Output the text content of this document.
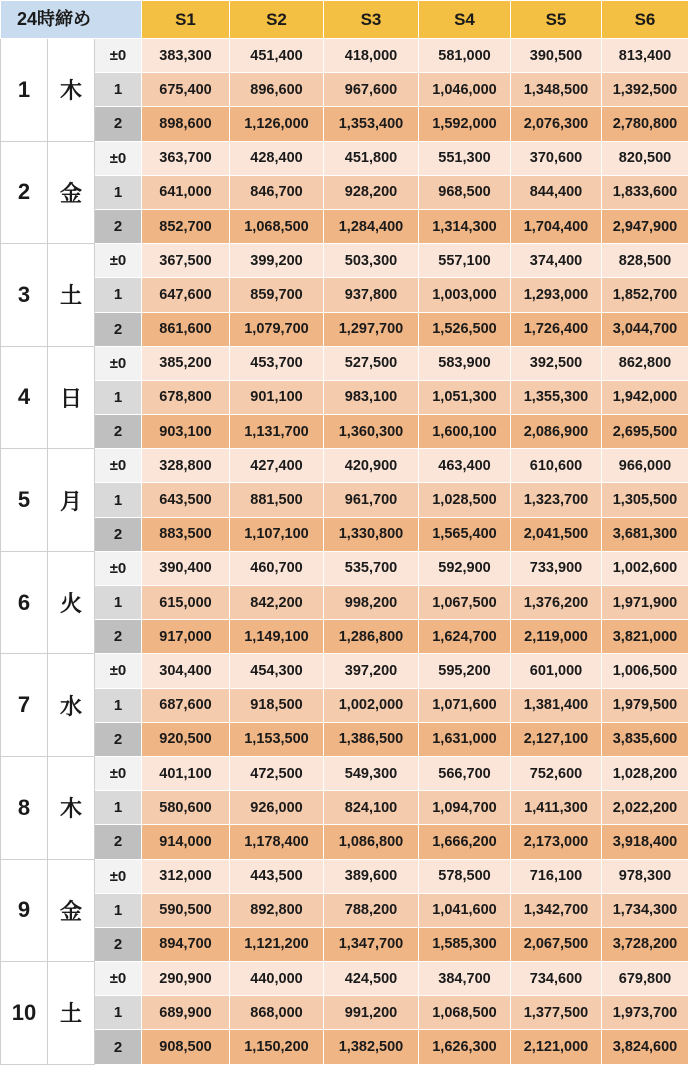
24時締め			S1	S2	S3	S4	S5	S6
1	木	±0	383,300	451,400	418,000	581,000	390,500	813,400
		1	675,400	896,600	967,600	1,046,000	1,348,500	1,392,500
		2	898,600	1,126,000	1,353,400	1,592,000	2,076,300	2,780,800
2	金	±0	363,700	428,400	451,800	551,300	370,600	820,500
		1	641,000	846,700	928,200	968,500	844,400	1,833,600
		2	852,700	1,068,500	1,284,400	1,314,300	1,704,400	2,947,900
3	土	±0	367,500	399,200	503,300	557,100	374,400	828,500
		1	647,600	859,700	937,800	1,003,000	1,293,000	1,852,700
		2	861,600	1,079,700	1,297,700	1,526,500	1,726,400	3,044,700
4	日	±0	385,200	453,700	527,500	583,900	392,500	862,800
		1	678,800	901,100	983,100	1,051,300	1,355,300	1,942,000
		2	903,100	1,131,700	1,360,300	1,600,100	2,086,900	2,695,500
5	月	±0	328,800	427,400	420,900	463,400	610,600	966,000
		1	643,500	881,500	961,700	1,028,500	1,323,700	1,305,500
		2	883,500	1,107,100	1,330,800	1,565,400	2,041,500	3,681,300
6	火	±0	390,400	460,700	535,700	592,900	733,900	1,002,600
		1	615,000	842,200	998,200	1,067,500	1,376,200	1,971,900
		2	917,000	1,149,100	1,286,800	1,624,700	2,119,000	3,821,000
7	水	±0	304,400	454,300	397,200	595,200	601,000	1,006,500
		1	687,600	918,500	1,002,000	1,071,600	1,381,400	1,979,500
		2	920,500	1,153,500	1,386,500	1,631,000	2,127,100	3,835,600
8	木	±0	401,100	472,500	549,300	566,700	752,600	1,028,200
		1	580,600	926,000	824,100	1,094,700	1,411,300	2,022,200
		2	914,000	1,178,400	1,086,800	1,666,200	2,173,000	3,918,400
9	金	±0	312,000	443,500	389,600	578,500	716,100	978,300
		1	590,500	892,800	788,200	1,041,600	1,342,700	1,734,300
		2	894,700	1,121,200	1,347,700	1,585,300	2,067,500	3,728,200
10	土	±0	290,900	440,000	424,500	384,700	734,600	679,800
		1	689,900	868,000	991,200	1,068,500	1,377,500	1,973,700
		2	908,500	1,150,200	1,382,500	1,626,300	2,121,000	3,824,600
